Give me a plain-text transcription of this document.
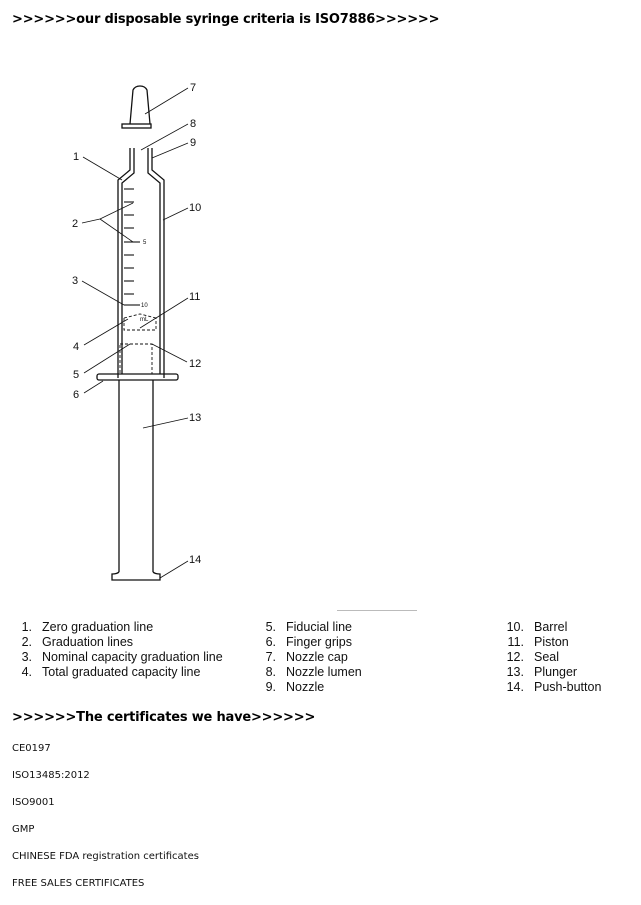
>>>>>>our disposable syringe criteria is ISO7886>>>>>>
5
10
mL
1
2
3
4
5
6
7
8
9
10
11
12
13
14
1. Zero graduation line
2. Graduation lines
3. Nominal capacity graduation line
4. Total graduated capacity line
5. Fiducial line
6. Finger grips
7. Nozzle cap
8. Nozzle lumen
9. Nozzle
10. Barrel
11. Piston
12. Seal
13. Plunger
14. Push-button
>>>>>>The certificates we have>>>>>>
CE0197
ISO13485:2012
ISO9001
GMP
CHINESE FDA registration certificates
FREE SALES CERTIFICATES
